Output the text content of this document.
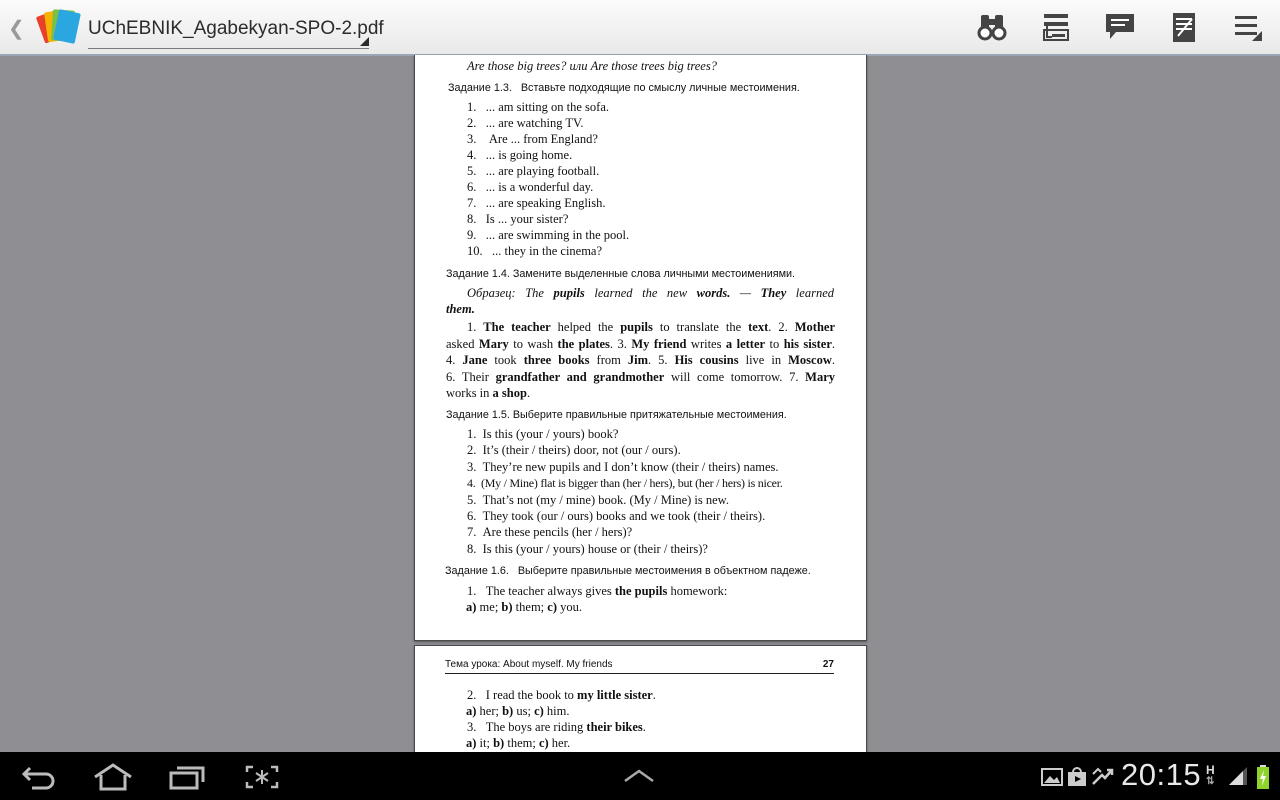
❮	UChEBNIK_Agabekyan-SPO-2.pdf
Are those big trees? или Are those trees big trees?
Задание 1.3. Вставьте подходящие по смыслу личные местоимения.
1. ... am sitting on the sofa.
2. ... are watching TV.
3. Are ... from England?
4. ... is going home.
5. ... are playing football.
6. ... is a wonderful day.
7. ... are speaking English.
8. Is ... your sister?
9. ... are swimming in the pool.
10. ... they in the cinema?
Задание 1.4. Замените выделенные слова личными местоимениями.
Образец: The pupils learned the new words. — They learned
them.

1. The teacher helped the pupils to translate the text. 2. Mother

asked Mary to wash the plates. 3. My friend writes a letter to his sister.

4. Jane took three books from Jim. 5. His cousins live in Moscow.

6. Their grandfather and grandmother will come tomorrow. 7. Mary

works in a shop.

Задание 1.5. Выберите правильные притяжательные местоимения.
1. Is this (your / yours) book?
2. It’s (their / theirs) door, not (our / ours).
3. They’re new pupils and I don’t know (their / theirs) names.
4. (My / Mine) flat is bigger than (her / hers), but (her / hers) is nicer.
5. That’s not (my / mine) book. (My / Mine) is new.
6. They took (our / ours) books and we took (their / theirs).
7. Are these pencils (her / hers)?
8. Is this (your / yours) house or (their / theirs)?
Задание 1.6. Выберите правильные местоимения в объектном падеже.
1. The teacher always gives the pupils homework:
a) me; b) them; c) you.
Тема урока: About myself. My friends	27
2. I read the book to my little sister.
a) her; b) us; c) him.
3. The boys are riding their bikes.
a) it; b) them; c) her.
20:15 H
⇅
